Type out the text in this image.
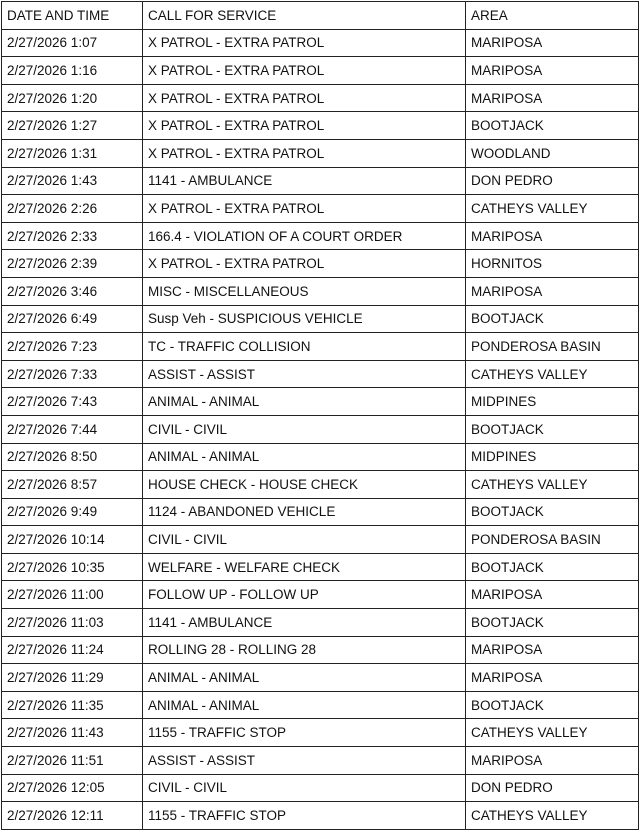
DATE AND TIME	CALL FOR SERVICE	AREA
2/27/2026 1:07	X PATROL - EXTRA PATROL	MARIPOSA
2/27/2026 1:16	X PATROL - EXTRA PATROL	MARIPOSA
2/27/2026 1:20	X PATROL - EXTRA PATROL	MARIPOSA
2/27/2026 1:27	X PATROL - EXTRA PATROL	BOOTJACK
2/27/2026 1:31	X PATROL - EXTRA PATROL	WOODLAND
2/27/2026 1:43	1141 - AMBULANCE	DON PEDRO
2/27/2026 2:26	X PATROL - EXTRA PATROL	CATHEYS VALLEY
2/27/2026 2:33	166.4 - VIOLATION OF A COURT ORDER	MARIPOSA
2/27/2026 2:39	X PATROL - EXTRA PATROL	HORNITOS
2/27/2026 3:46	MISC - MISCELLANEOUS	MARIPOSA
2/27/2026 6:49	Susp Veh - SUSPICIOUS VEHICLE	BOOTJACK
2/27/2026 7:23	TC - TRAFFIC COLLISION	PONDEROSA BASIN
2/27/2026 7:33	ASSIST - ASSIST	CATHEYS VALLEY
2/27/2026 7:43	ANIMAL - ANIMAL	MIDPINES
2/27/2026 7:44	CIVIL - CIVIL	BOOTJACK
2/27/2026 8:50	ANIMAL - ANIMAL	MIDPINES
2/27/2026 8:57	HOUSE CHECK - HOUSE CHECK	CATHEYS VALLEY
2/27/2026 9:49	1124 - ABANDONED VEHICLE	BOOTJACK
2/27/2026 10:14	CIVIL - CIVIL	PONDEROSA BASIN
2/27/2026 10:35	WELFARE - WELFARE CHECK	BOOTJACK
2/27/2026 11:00	FOLLOW UP - FOLLOW UP	MARIPOSA
2/27/2026 11:03	1141 - AMBULANCE	BOOTJACK
2/27/2026 11:24	ROLLING 28 - ROLLING 28	MARIPOSA
2/27/2026 11:29	ANIMAL - ANIMAL	MARIPOSA
2/27/2026 11:35	ANIMAL - ANIMAL	BOOTJACK
2/27/2026 11:43	1155 - TRAFFIC STOP	CATHEYS VALLEY
2/27/2026 11:51	ASSIST - ASSIST	MARIPOSA
2/27/2026 12:05	CIVIL - CIVIL	DON PEDRO
2/27/2026 12:11	1155 - TRAFFIC STOP	CATHEYS VALLEY
